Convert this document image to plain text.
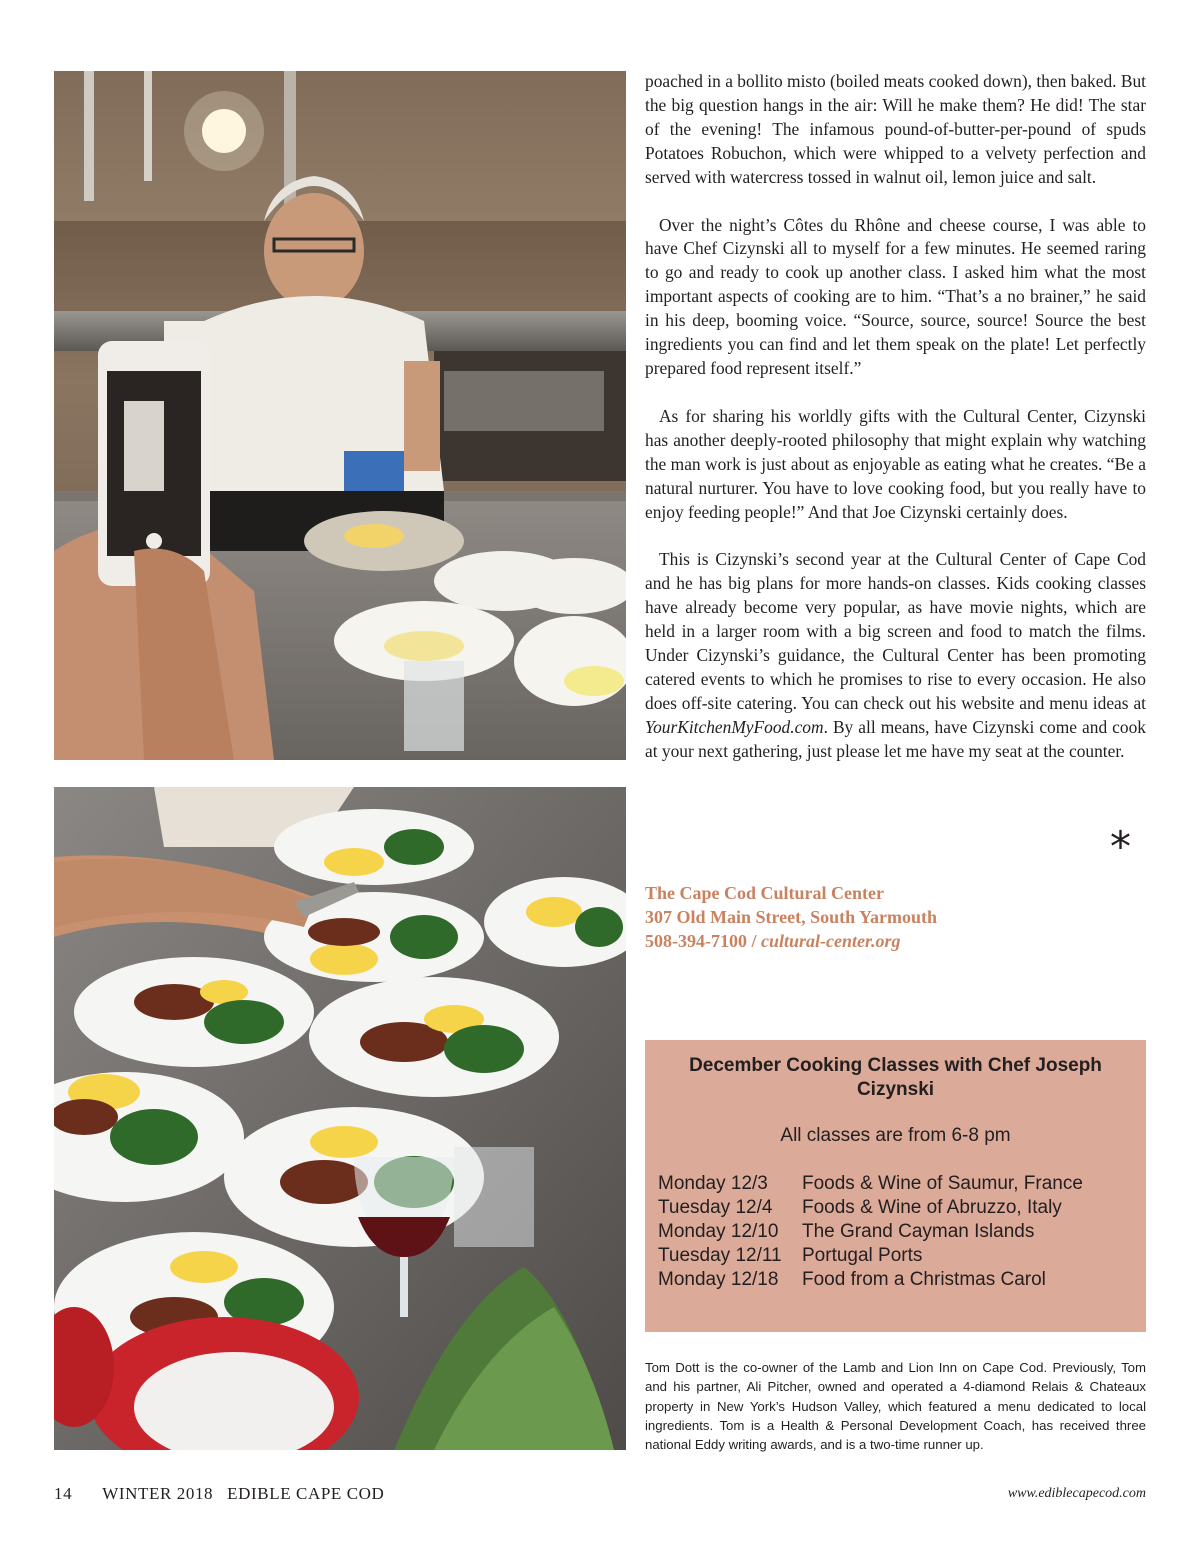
poached in a bollito misto (boiled meats cooked down), then baked. But the big question hangs in the air: Will he make them? He did! The star of the evening! The infamous pound-of-butter-per-pound of spuds Potatoes Robuchon, which were whipped to a velvety perfection and served with watercress tossed in walnut oil, lemon juice and salt.

Over the night’s Côtes du Rhône and cheese course, I was able to have Chef Cizynski all to myself for a few minutes. He seemed raring to go and ready to cook up another class. I asked him what the most important aspects of cooking are to him. “That’s a no brainer,” he said in his deep, booming voice. “Source, source, source! Source the best ingredients you can find and let them speak on the plate! Let perfectly prepared food represent itself.”

As for sharing his worldly gifts with the Cultural Center, Cizynski has another deeply-rooted philosophy that might explain why watching the man work is just about as enjoyable as eating what he creates. “Be a natural nurturer. You have to love cooking food, but you really have to enjoy feeding people!” And that Joe Cizynski certainly does.

This is Cizynski’s second year at the Cultural Center of Cape Cod and he has big plans for more hands-on classes. Kids cooking classes have already become very popular, as have movie nights, which are held in a larger room with a big screen and food to match the films. Under Cizynski’s guidance, the Cultural Center has been promoting catered events to which he promises to rise to every occasion. He also does off-site catering. You can check out his website and menu ideas at YourKitchenMyFood.com. By all means, have Cizynski come and cook at your next gathering, just please let me have my seat at the counter.

*
The Cape Cod Cultural Center
307 Old Main Street, South Yarmouth
508-394-7100 / cultural-center.org
December Cooking Classes with Chef Joseph Cizynski
All classes are from 6-8 pm
Monday 12/3	Foods & Wine of Saumur, France
Tuesday 12/4	Foods & Wine of Abruzzo, Italy
Monday 12/10	The Grand Cayman Islands
Tuesday 12/11	Portugal Ports
Monday 12/18	Food from a Christmas Carol
Tom Dott is the co-owner of the Lamb and Lion Inn on Cape Cod. Previously, Tom and his partner, Ali Pitcher, owned and operated a 4-diamond Relais & Chateaux property in New York’s Hudson Valley, which featured a menu dedicated to local ingredients. Tom is a Health & Personal Development Coach, has received three national Eddy writing awards, and is a two-time runner up.
14 WINTER 2018 EDIBLE CAPE COD	www.ediblecapecod.com
